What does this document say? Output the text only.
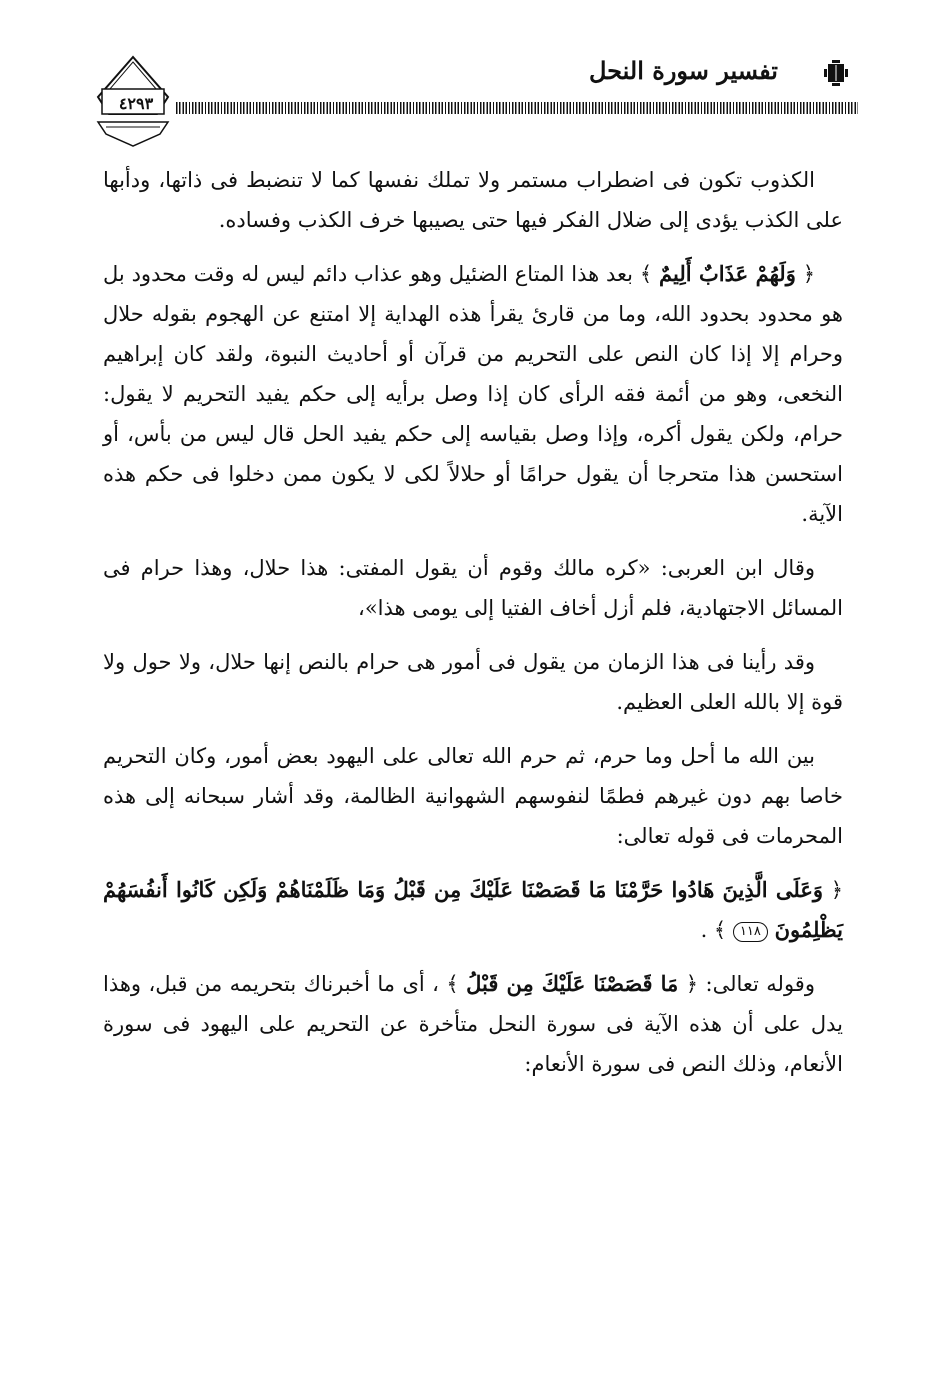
٤٢٩٣
تفسير سورة النحل

الكذوب تكون فى اضطراب مستمر ولا تملك نفسها كما لا تنضبط فى ذاتها، ودأبها على الكذب يؤدى إلى ضلال الفكر فيها حتى يصيبها خرف الكذب وفساده.

﴿ وَلَهُمْ عَذَابٌ أَلِيمٌ ﴾ بعد هذا المتاع الضئيل وهو عذاب دائم ليس له وقت محدود بل هو محدود بحدود الله، وما من قارئ يقرأ هذه الهداية إلا امتنع عن الهجوم بقوله حلال وحرام إلا إذا كان النص على التحريم من قرآن أو أحاديث النبوة، ولقد كان إبراهيم النخعى، وهو من أئمة فقه الرأى كان إذا وصل برأيه إلى حكم يفيد التحريم لا يقول: حرام، ولكن يقول أكره، وإذا وصل بقياسه إلى حكم يفيد الحل قال ليس من بأس، أو استحسن هذا متحرجا أن يقول حرامًا أو حلالاً لكى لا يكون ممن دخلوا فى حكم هذه الآية.

وقال ابن العربى: «كره مالك وقوم أن يقول المفتى: هذا حلال، وهذا حرام فى المسائل الاجتهادية، فلم أزل أخاف الفتيا إلى يومى هذا»،

وقد رأينا فى هذا الزمان من يقول فى أمور هى حرام بالنص إنها حلال، ولا حول ولا قوة إلا بالله العلى العظيم.

بين الله ما أحل وما حرم، ثم حرم الله تعالى على اليهود بعض أمور، وكان التحريم خاصا بهم دون غيرهم فطمًا لنفوسهم الشهوانية الظالمة، وقد أشار سبحانه إلى هذه المحرمات فى قوله تعالى:

﴿ وَعَلَى الَّذِينَ هَادُوا حَرَّمْنَا مَا قَصَصْنَا عَلَيْكَ مِن قَبْلُ وَمَا ظَلَمْنَاهُمْ وَلَكِن كَانُوا أَنفُسَهُمْ يَظْلِمُونَ ١١٨ ﴾ .

وقوله تعالى: ﴿ مَا قَصَصْنَا عَلَيْكَ مِن قَبْلُ ﴾ ، أى ما أخبرناك بتحريمه من قبل، وهذا يدل على أن هذه الآية فى سورة النحل متأخرة عن التحريم على اليهود فى سورة الأنعام، وذلك النص فى سورة الأنعام:
